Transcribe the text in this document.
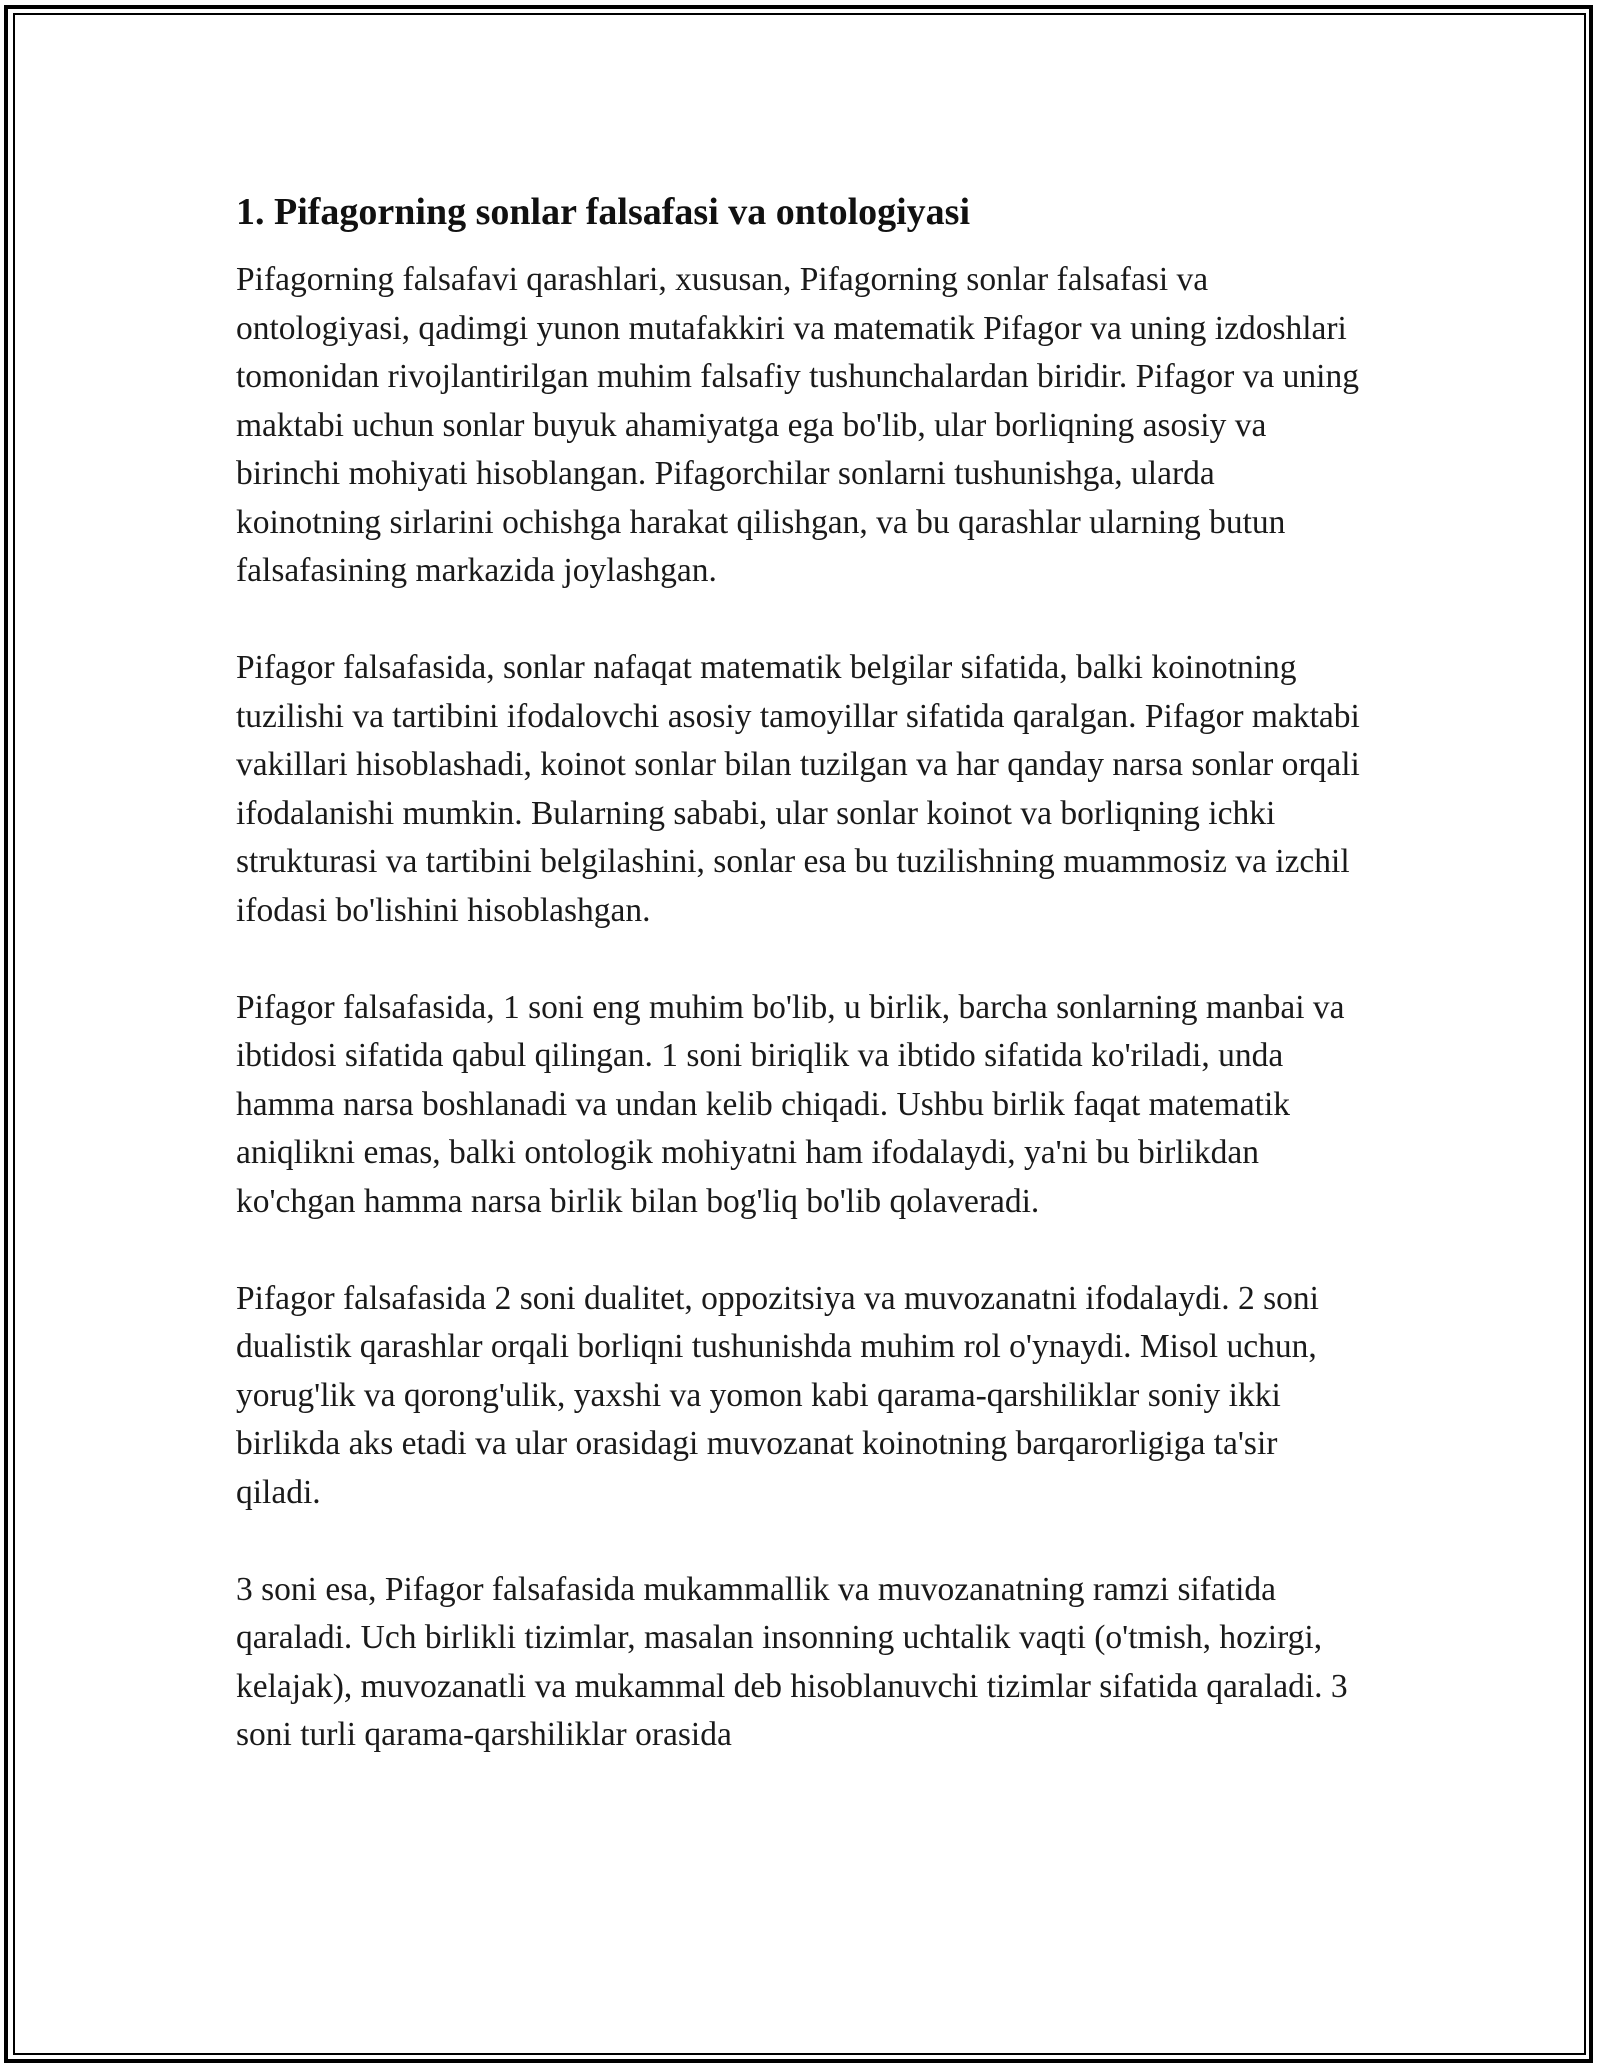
1. Pifagorning sonlar falsafasi va ontologiyasi

Pifagorning falsafavi qarashlari, xususan, Pifagorning sonlar falsafasi va ontologiyasi, qadimgi yunon mutafakkiri va matematik Pifagor va uning izdoshlari tomonidan rivojlantirilgan muhim falsafiy tushunchalardan biridir. Pifagor va uning maktabi uchun sonlar buyuk ahamiyatga ega bo'lib, ular borliqning asosiy va birinchi mohiyati hisoblangan. Pifagorchilar sonlarni tushunishga, ularda koinotning sirlarini ochishga harakat qilishgan, va bu qarashlar ularning butun falsafasining markazida joylashgan.

Pifagor falsafasida, sonlar nafaqat matematik belgilar sifatida, balki koinotning tuzilishi va tartibini ifodalovchi asosiy tamoyillar sifatida qaralgan. Pifagor maktabi vakillari hisoblashadi, koinot sonlar bilan tuzilgan va har qanday narsa sonlar orqali ifodalanishi mumkin. Bularning sababi, ular sonlar koinot va borliqning ichki strukturasi va tartibini belgilashini, sonlar esa bu tuzilishning muammosiz va izchil ifodasi bo'lishini hisoblashgan.

Pifagor falsafasida, 1 soni eng muhim bo'lib, u birlik, barcha sonlarning manbai va ibtidosi sifatida qabul qilingan. 1 soni biriqlik va ibtido sifatida ko'riladi, unda hamma narsa boshlanadi va undan kelib chiqadi. Ushbu birlik faqat matematik aniqlikni emas, balki ontologik mohiyatni ham ifodalaydi, ya'ni bu birlikdan ko'chgan hamma narsa birlik bilan bog'liq bo'lib qolaveradi.

Pifagor falsafasida 2 soni dualitet, oppozitsiya va muvozanatni ifodalaydi. 2 soni dualistik qarashlar orqali borliqni tushunishda muhim rol o'ynaydi. Misol uchun, yorug'lik va qorong'ulik, yaxshi va yomon kabi qarama-qarshiliklar soniy ikki birlikda aks etadi va ular orasidagi muvozanat koinotning barqarorligiga ta'sir qiladi.

3 soni esa, Pifagor falsafasida mukammallik va muvozanatning ramzi sifatida qaraladi. Uch birlikli tizimlar, masalan insonning uchtalik vaqti (o'tmish, hozirgi, kelajak), muvozanatli va mukammal deb hisoblanuvchi tizimlar sifatida qaraladi. 3 soni turli qarama-qarshiliklar orasida
